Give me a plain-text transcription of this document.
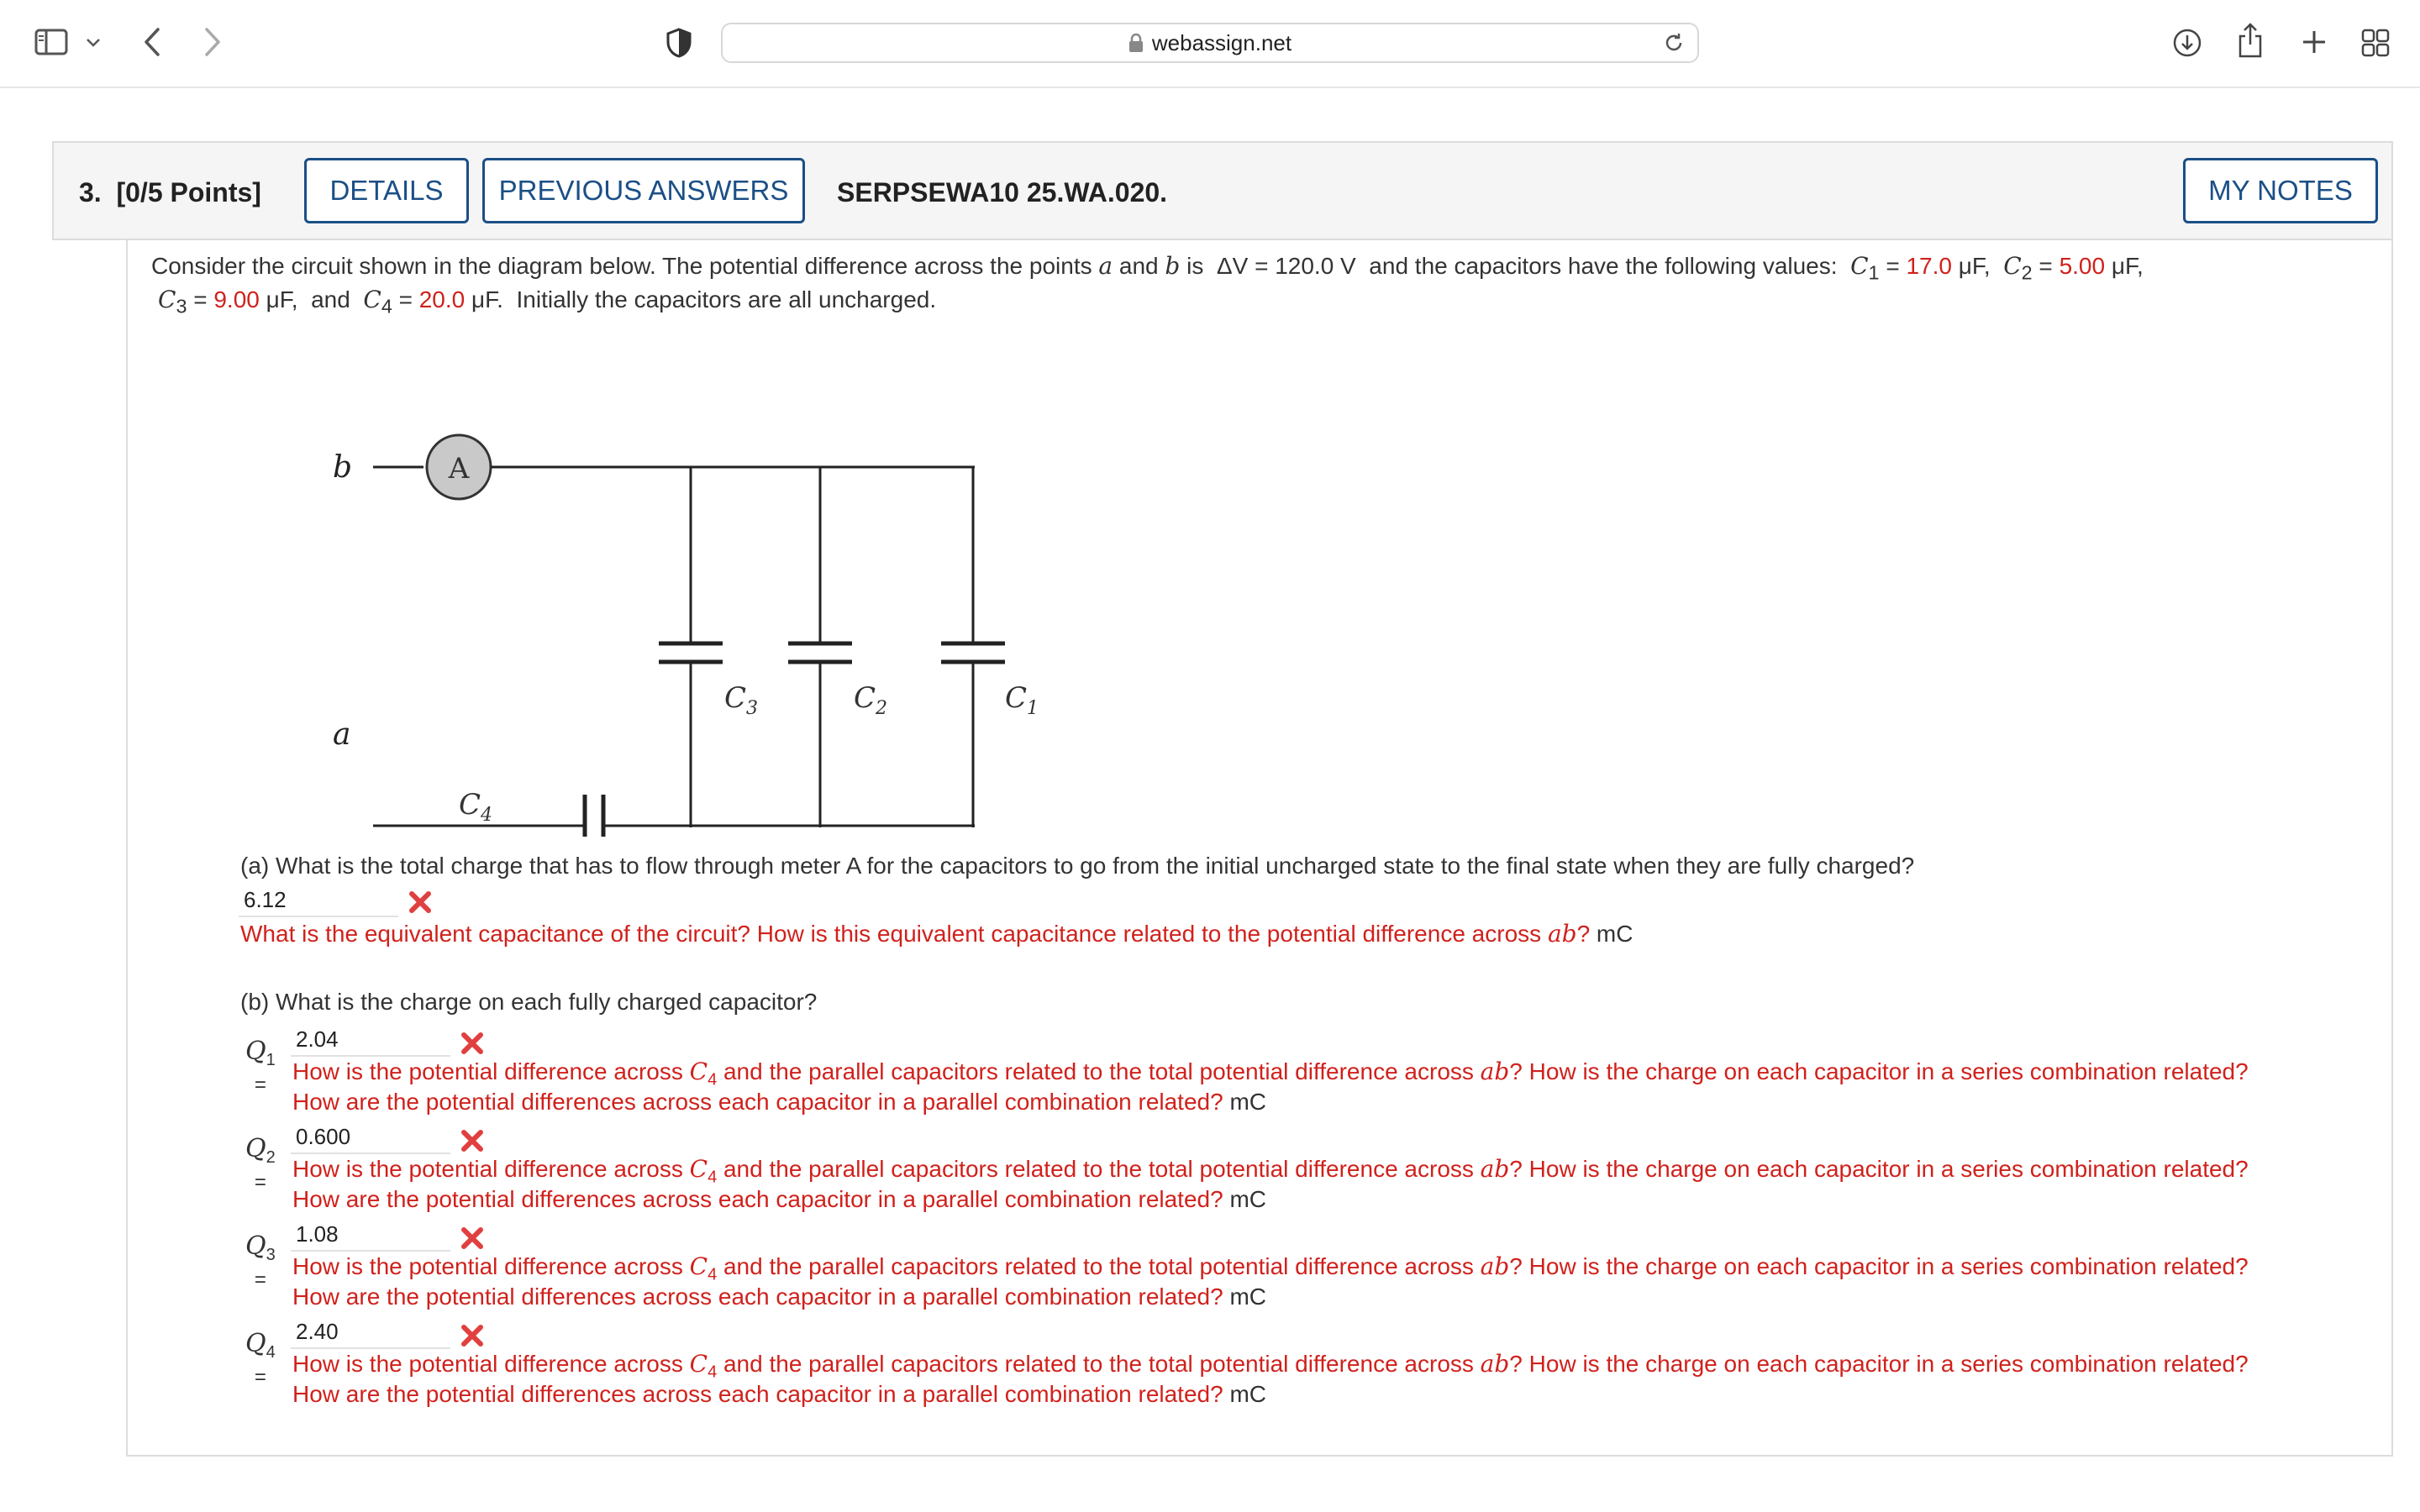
webassign.net
3.
[0/5 Points]	DETAILS	PREVIOUS ANSWERS	SERPSEWA10 25.WA.020.	MY NOTES
Consider the circuit shown in the diagram below. The potential difference across the points a and b is ΔV = 120.0 V and the capacitors have the following values: $C_1 = 17.0$ μF, $C_2 = 5.00$ μF,
$C_3 = 9.00$ μF, and $C_4 = 20.0$ μF. Initially the capacitors are all uncharged.
b
a
A
$C_3$	$C_2$	$C_1$
$C_4$
(a) What is the total charge that has to flow through meter A for the capacitors to go from the initial uncharged state to the final state when they are fully charged?
6.12
What is the equivalent capacitance of the circuit? How is this equivalent capacitance related to the potential difference across ab? mC
(b) What is the charge on each fully charged capacitor?
$Q_1$
=
2.04
How is the potential difference across $C_4$ and the parallel capacitors related to the total potential difference across ab? How is the charge on each capacitor in a series combination related?
How are the potential differences across each capacitor in a parallel combination related? mC
$Q_2$
=
0.600
How is the potential difference across $C_4$ and the parallel capacitors related to the total potential difference across ab? How is the charge on each capacitor in a series combination related?
How are the potential differences across each capacitor in a parallel combination related? mC
$Q_3$
=
1.08
How is the potential difference across $C_4$ and the parallel capacitors related to the total potential difference across ab? How is the charge on each capacitor in a series combination related?
How are the potential differences across each capacitor in a parallel combination related? mC
$Q_4$
=
2.40
How is the potential difference across $C_4$ and the parallel capacitors related to the total potential difference across ab? How is the charge on each capacitor in a series combination related?
How are the potential differences across each capacitor in a parallel combination related? mC
